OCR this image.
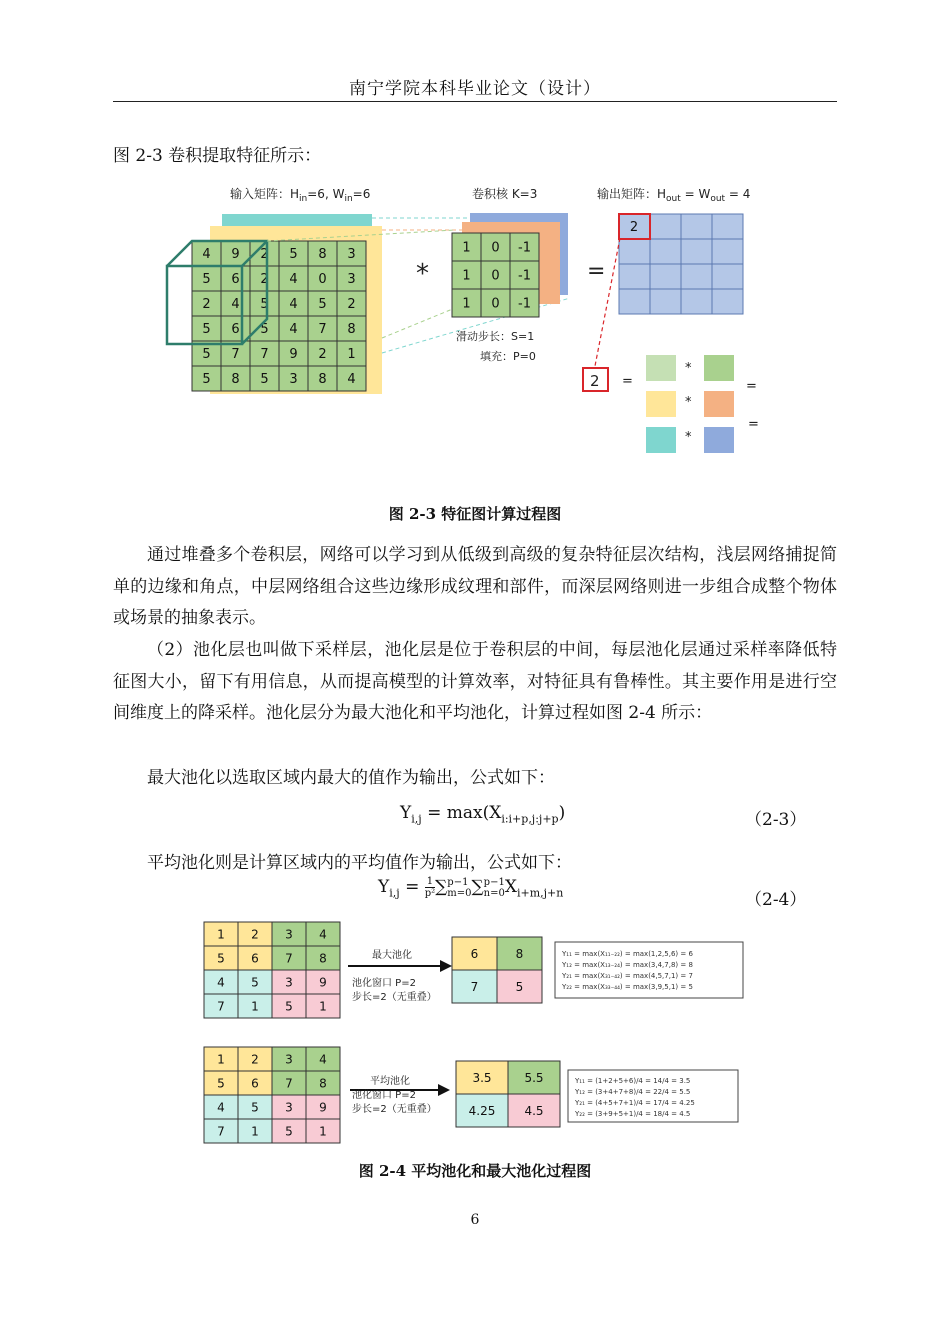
南宁学院本科毕业论文（设计）
图 2-3 卷积提取特征所示：
输入矩阵：$H_{in}=6$, $W_{in}=6$	卷积核 K=3	输出矩阵：$H_{out} = W_{out} = 4$
4 9 2 5 8 3
5 6 2 4 0 3
2 4 5 4 5 2
5 6 5 4 7 8
5 7 7 9 2 1
5 8 5 3 8 4
1 0 -1
1 0 -1
1 0 -1
*	=
滑动步长：S=1
填充：P=0
2
2 =
*
*
*
=
=
图 2-3 特征图计算过程图
通过堆叠多个卷积层，网络可以学习到从低级到高级的复杂特征层次结构，浅层网络捕捉简单的边缘和角点，中层网络组合这些边缘形成纹理和部件，而深层网络则进一步组合成整个物体或场景的抽象表示。
（2）池化层也叫做下采样层，池化层是位于卷积层的中间，每层池化层通过采样率降低特征图大小，留下有用信息，从而提高模型的计算效率，对特征具有鲁棒性。其主要作用是进行空间维度上的降采样。池化层分为最大池化和平均池化，计算过程如图 2-4 所示：
最大池化以选取区域内最大的值作为输出，公式如下：
$Y_{i,j} = \max(X_{i:i+p,j:j+p})$	（2-3）
平均池化则是计算区域内的平均值作为输出，公式如下：
$Y_{i,j} = \frac{1}{\text{p²}}$ ∑ p−1
m=0 ∑ p−1
n=0 $X_{i+m,j+n}$	（2-4）
1 2 3 4
5 6 7 8
4 5 3 9
7 1 5 1
最大池化
池化窗口 P=2
步长=2（无重叠）
6	8
7	5
Y₁₁ = max(X₁₁₋₂₂) = max(1,2,5,6) = 6
Y₁₂ = max(X₁₃₋₂₄) = max(3,4,7,8) = 8
Y₂₁ = max(X₃₁₋₄₂) = max(4,5,7,1) = 7
Y₂₂ = max(X₃₃₋₄₄) = max(3,9,5,1) = 5
1 2 3 4
5 6 7 8
4 5 3 9
7 1 5 1
平均池化
池化窗口 P=2
步长=2（无重叠）
3.5	5.5
4.25 4.5
Y₁₁ = (1+2+5+6)/4 = 14/4 = 3.5
Y₁₂ = (3+4+7+8)/4 = 22/4 = 5.5
Y₂₁ = (4+5+7+1)/4 = 17/4 = 4.25
Y₂₂ = (3+9+5+1)/4 = 18/4 = 4.5
图 2-4 平均池化和最大池化过程图
6
